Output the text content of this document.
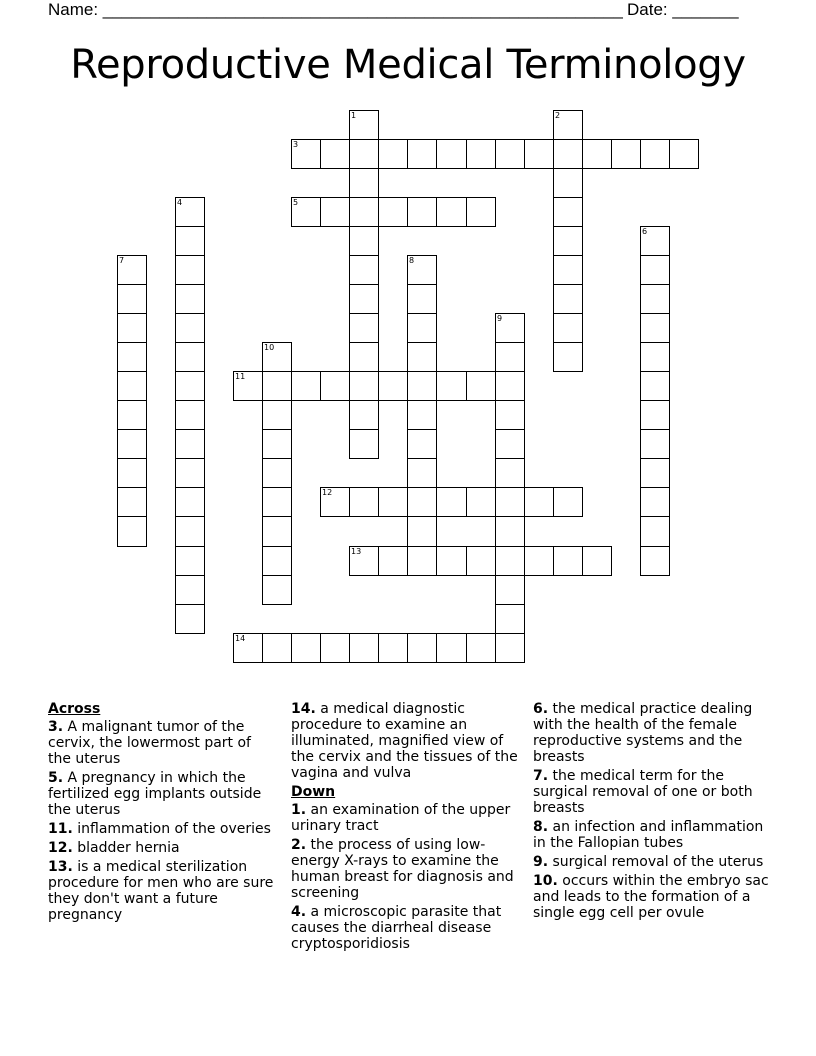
Name: _______________________________________________________ Date: _______
Reproductive Medical Terminology
1	2
3
4	5
6
7	8
9
10
11
12
13
14
Across
3. A malignant tumor of the cervix, the lowermost part of the uterus
5. A pregnancy in which the fertilized egg implants outside the uterus
11. inflammation of the overies
12. bladder hernia
13. is a medical sterilization procedure for men who are sure they don't want a future pregnancy
14. a medical diagnostic procedure to examine an illuminated, magnified view of the cervix and the tissues of the vagina and vulva
Down
1. an examination of the upper urinary tract
2. the process of using low-energy X-rays to examine the human breast for diagnosis and screening
4. a microscopic parasite that causes the diarrheal disease cryptosporidiosis
6. the medical practice dealing with the health of the female reproductive systems and the breasts
7. the medical term for the surgical removal of one or both breasts
8. an infection and inflammation in the Fallopian tubes
9. surgical removal of the uterus
10. occurs within the embryo sac and leads to the formation of a single egg cell per ovule
